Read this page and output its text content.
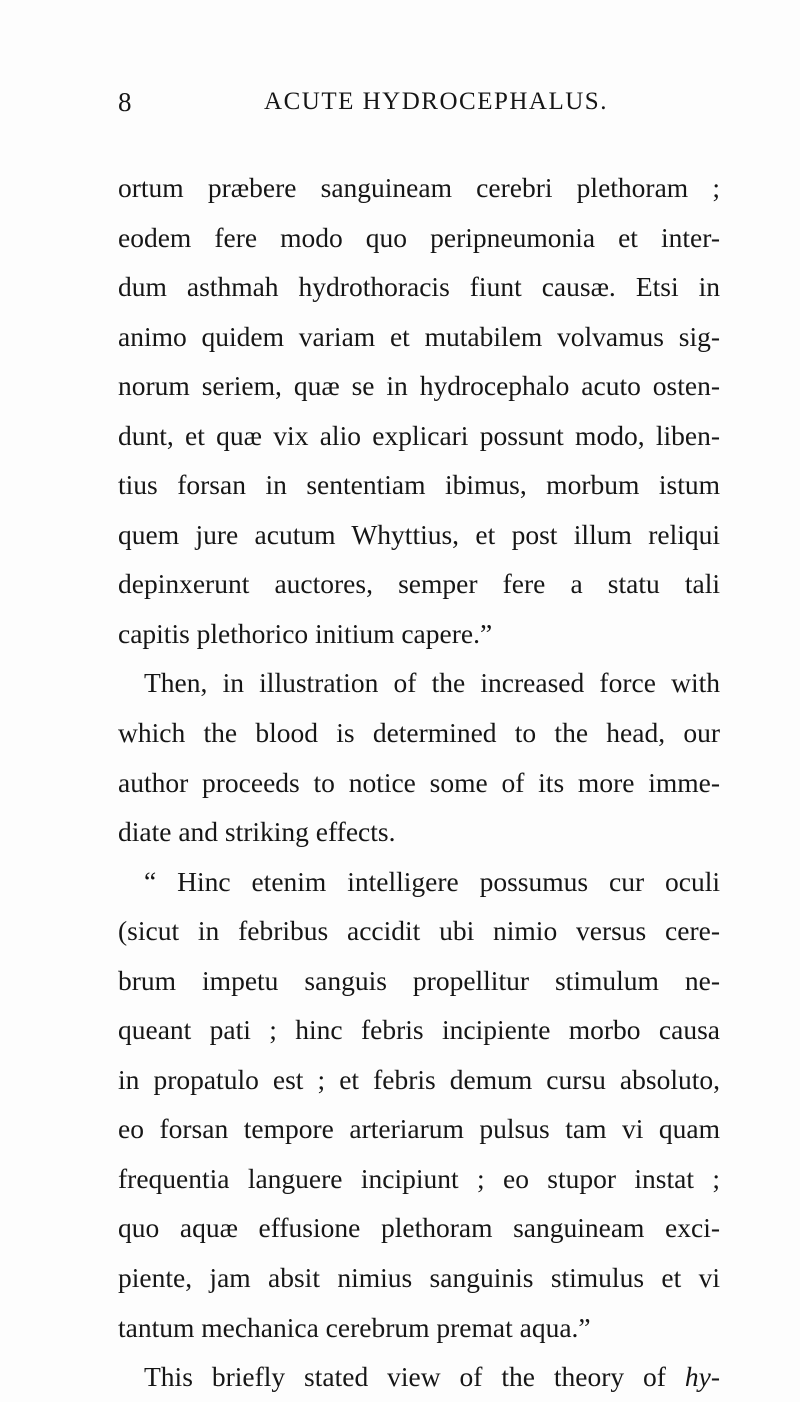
8	ACUTE HYDROCEPHALUS.
ortum præbere sanguineam cerebri plethoram ;
eodem fere modo quo peripneumonia et inter-
dum asthmah hydrothoracis fiunt causæ. Etsi in
animo quidem variam et mutabilem volvamus sig-
norum seriem, quæ se in hydrocephalo acuto osten-
dunt, et quæ vix alio explicari possunt modo, liben-
tius forsan in sententiam ibimus, morbum istum
quem jure acutum Whyttius, et post illum reliqui
depinxerunt auctores, semper fere a statu tali
capitis plethorico initium capere.”
Then, in illustration of the increased force with
which the blood is determined to the head, our
author proceeds to notice some of its more imme-
diate and striking effects.
“ Hinc etenim intelligere possumus cur oculi
(sicut in febribus accidit ubi nimio versus cere-
brum impetu sanguis propellitur stimulum ne-
queant pati ; hinc febris incipiente morbo causa
in propatulo est ; et febris demum cursu absoluto,
eo forsan tempore arteriarum pulsus tam vi quam
frequentia languere incipiunt ; eo stupor instat ;
quo aquæ effusione plethoram sanguineam exci-
piente, jam absit nimius sanguinis stimulus et vi
tantum mechanica cerebrum premat aqua.”
This briefly stated view of the theory of hy-
